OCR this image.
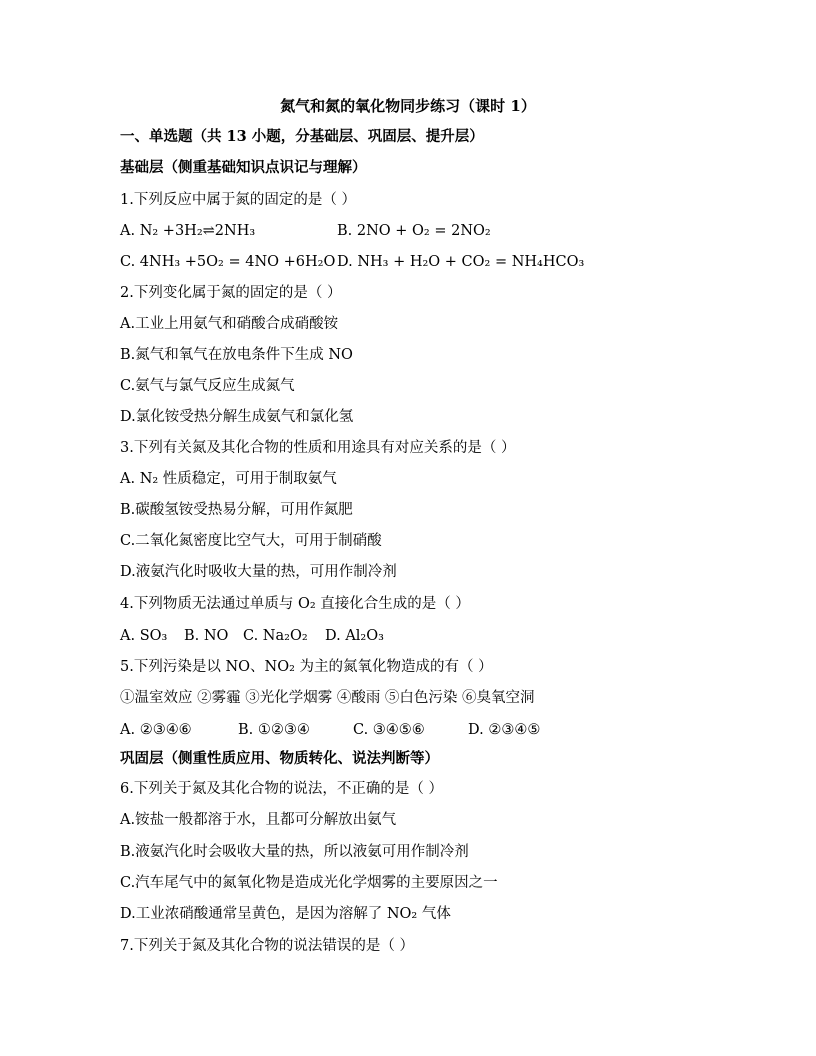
氮气和氮的氧化物同步练习（课时 1）
一、单选题（共 13 小题，分基础层、巩固层、提升层）
基础层（侧重基础知识点识记与理解）
1.下列反应中属于氮的固定的是（ ）
A. N₂ +3H₂⇌2NH₃	B. 2NO + O₂ = 2NO₂
C. 4NH₃ +5O₂ = 4NO +6H₂O D. NH₃ + H₂O + CO₂ = NH₄HCO₃
2.下列变化属于氮的固定的是（ ）
A.工业上用氨气和硝酸合成硝酸铵
B.氮气和氧气在放电条件下生成 NO
C.氨气与氯气反应生成氮气
D.氯化铵受热分解生成氨气和氯化氢
3.下列有关氮及其化合物的性质和用途具有对应关系的是（ ）
A. N₂ 性质稳定，可用于制取氨气
B.碳酸氢铵受热易分解，可用作氮肥
C.二氧化氮密度比空气大，可用于制硝酸
D.液氨汽化时吸收大量的热，可用作制冷剂
4.下列物质无法通过单质与 O₂ 直接化合生成的是（ ）
A. SO₃ B. NO C. Na₂O₂ D. Al₂O₃
5.下列污染是以 NO、NO₂ 为主的氮氧化物造成的有（ ）
①温室效应 ②雾霾 ③光化学烟雾 ④酸雨 ⑤白色污染 ⑥臭氧空洞
A. ②③④⑥	B. ①②③④	C. ③④⑤⑥	D. ②③④⑤
巩固层（侧重性质应用、物质转化、说法判断等）
6.下列关于氮及其化合物的说法，不正确的是（ ）
A.铵盐一般都溶于水，且都可分解放出氨气
B.液氨汽化时会吸收大量的热，所以液氨可用作制冷剂
C.汽车尾气中的氮氧化物是造成光化学烟雾的主要原因之一
D.工业浓硝酸通常呈黄色，是因为溶解了 NO₂ 气体
7.下列关于氮及其化合物的说法错误的是（ ）
